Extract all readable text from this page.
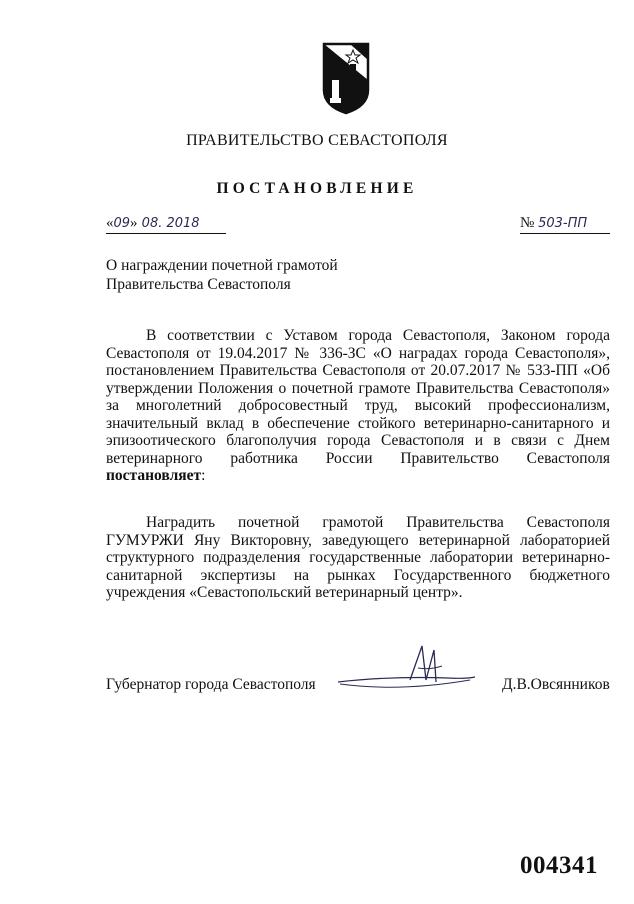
ПРАВИТЕЛЬСТВО СЕВАСТОПОЛЯ
ПОСТАНОВЛЕНИЕ
«09» 08. 2018	№ 503-ПП
О награждении почетной грамотой
Правительства Севастополя

В соответствии с Уставом города Севастополя, Законом города Севастополя от 19.04.2017 № 336-ЗС «О наградах города Севастополя», постановлением Правительства Севастополя от 20.07.2017 № 533-ПП «Об утверждении Положения о почетной грамоте Правительства Севастополя» за многолетний добросовестный труд, высокий профессионализм, значительный вклад в обеспечение стойкого ветеринарно-санитарного и эпизоотического благополучия города Севастополя и в связи с Днем ветеринарного работника России Правительство Севастополя постановляет:

Наградить почетной грамотой Правительства Севастополя ГУМУРЖИ Яну Викторовну, заведующего ветеринарной лабораторией структурного подразделения государственные лаборатории ветеринарно-санитарной экспертизы на рынках Государственного бюджетного учреждения «Севастопольский ветеринарный центр».

Губернатор города Севастополя	Д.В.Овсянников
004341
